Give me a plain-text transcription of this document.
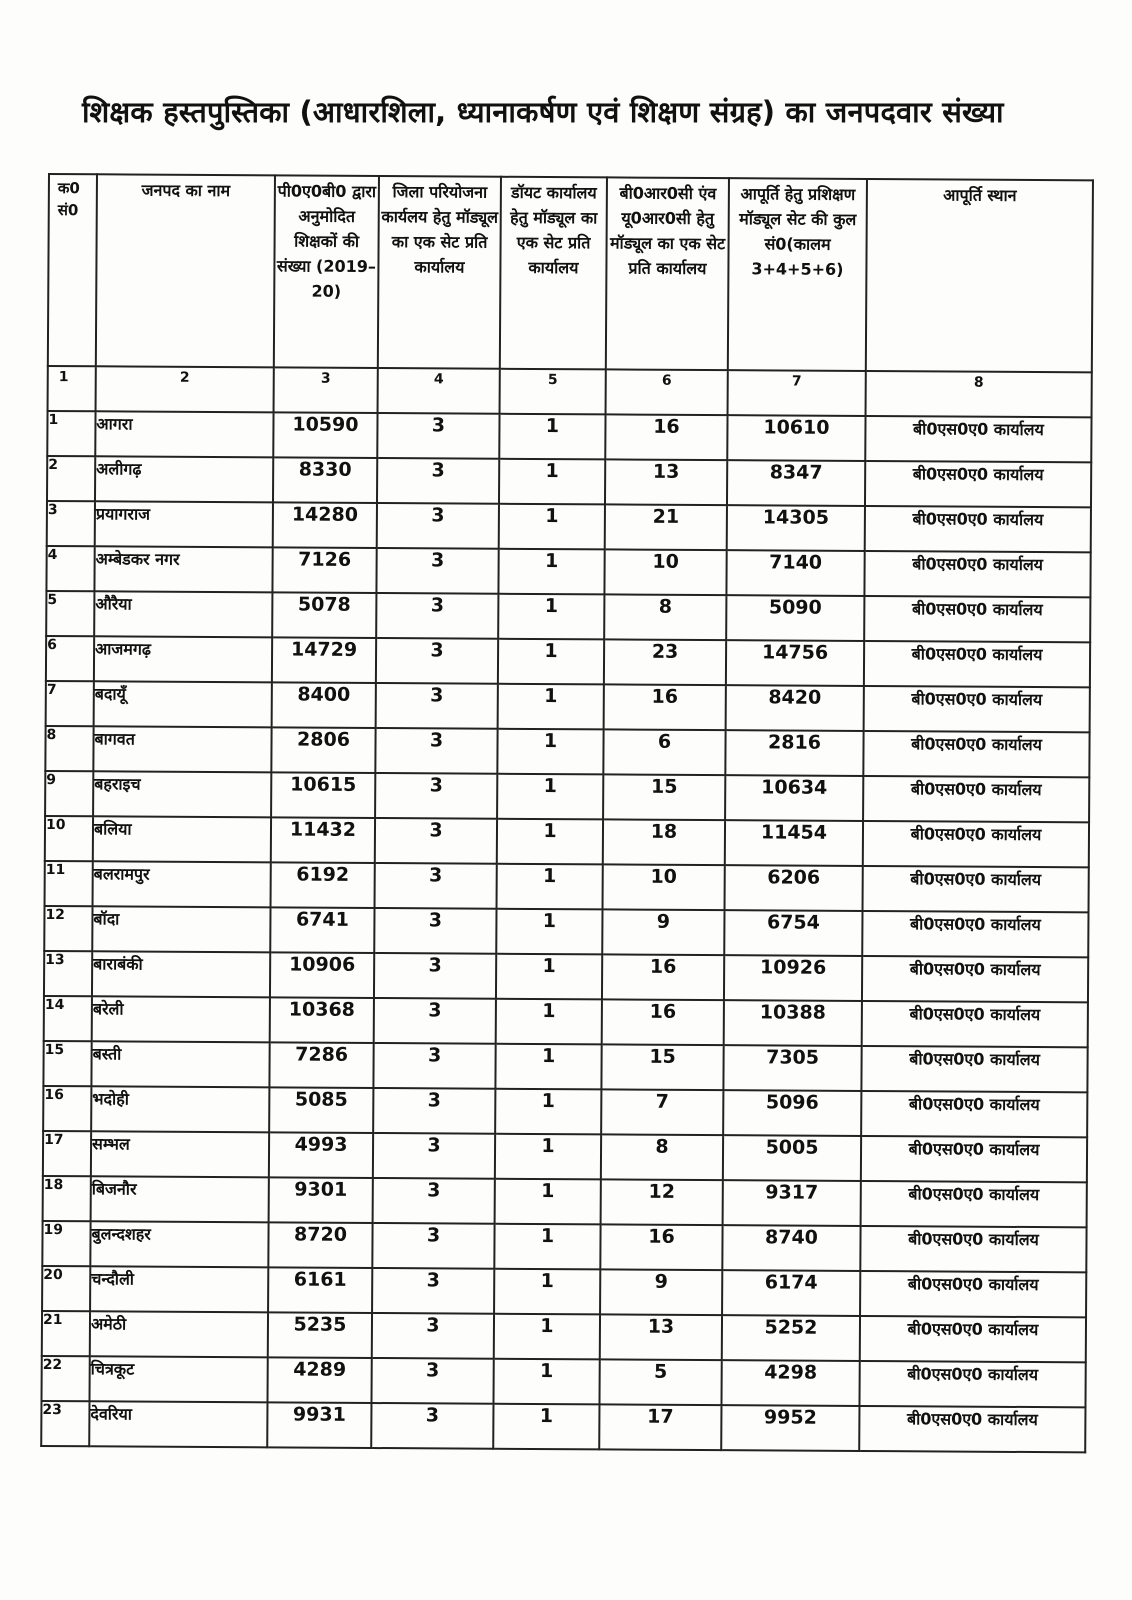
शिक्षक हस्तपुस्तिका (आधारशिला, ध्यानाकर्षण एवं शिक्षण संग्रह) का जनपदवार संख्या
क0 सं0	जनपद का नाम	पी0ए0बी0 द्वारा अनुमोदित शिक्षकों की संख्या (2019–20)	जिला परियोजना कार्यलय हेतु मॉड्यूल का एक सेट प्रति कार्यालय	डॉयट कार्यालय हेतु मॉड्यूल का एक सेट प्रति कार्यालय	बी0आर0सी एंव यू0आर0सी हेतु मॉड्यूल का एक सेट प्रति कार्यालय	आपूर्ति हेतु प्रशिक्षण मॉड्यूल सेट की कुल सं0(कालम 3+4+5+6)	आपूर्ति स्थान
1	2	3	4	5	6	7	8
1	आगरा	10590	3	1	16	10610	बी0एस0ए0 कार्यालय
2	अलीगढ़	8330	3	1	13	8347	बी0एस0ए0 कार्यालय
3	प्रयागराज	14280	3	1	21	14305	बी0एस0ए0 कार्यालय
4	अम्बेडकर नगर	7126	3	1	10	7140	बी0एस0ए0 कार्यालय
5	औरैया	5078	3	1	8	5090	बी0एस0ए0 कार्यालय
6	आजमगढ़	14729	3	1	23	14756	बी0एस0ए0 कार्यालय
7	बदायूँ	8400	3	1	16	8420	बी0एस0ए0 कार्यालय
8	बागवत	2806	3	1	6	2816	बी0एस0ए0 कार्यालय
9	बहराइच	10615	3	1	15	10634	बी0एस0ए0 कार्यालय
10	बलिया	11432	3	1	18	11454	बी0एस0ए0 कार्यालय
11	बलरामपुर	6192	3	1	10	6206	बी0एस0ए0 कार्यालय
12	बॉदा	6741	3	1	9	6754	बी0एस0ए0 कार्यालय
13	बाराबंकी	10906	3	1	16	10926	बी0एस0ए0 कार्यालय
14	बरेली	10368	3	1	16	10388	बी0एस0ए0 कार्यालय
15	बस्ती	7286	3	1	15	7305	बी0एस0ए0 कार्यालय
16	भदोही	5085	3	1	7	5096	बी0एस0ए0 कार्यालय
17	सम्भल	4993	3	1	8	5005	बी0एस0ए0 कार्यालय
18	बिजनौर	9301	3	1	12	9317	बी0एस0ए0 कार्यालय
19	बुलन्दशहर	8720	3	1	16	8740	बी0एस0ए0 कार्यालय
20	चन्दौली	6161	3	1	9	6174	बी0एस0ए0 कार्यालय
21	अमेठी	5235	3	1	13	5252	बी0एस0ए0 कार्यालय
22	चित्रकूट	4289	3	1	5	4298	बी0एस0ए0 कार्यालय
23	देवरिया	9931	3	1	17	9952	बी0एस0ए0 कार्यालय
